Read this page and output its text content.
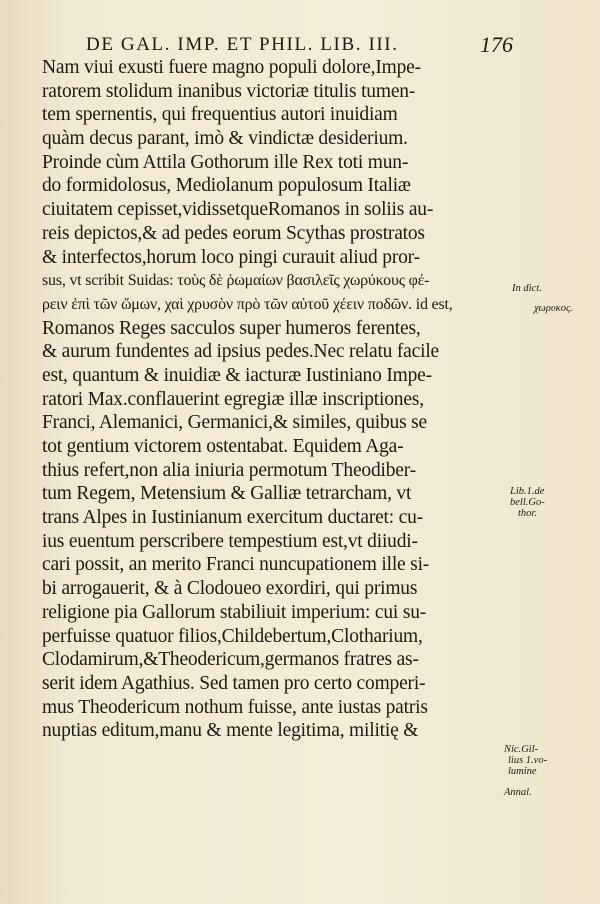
DE GAL. IMP. ET PHIL. LIB. III.	176
Nam viui exusti fuere magno populi dolore,Impe-
ratorem stolidum inanibus victoriæ titulis tumen-
tem spernentis, qui frequentius autori inuidiam
quàm decus parant, imò & vindictæ desiderium.
Proinde cùm Attila Gothorum ille Rex toti mun-
do formidolosus, Mediolanum populosum Italiæ
ciuitatem cepisset,vidissetqueRomanos in soliis au-
reis depictos,& ad pedes eorum Scythas prostratos
& interfectos,horum loco pingi curauit aliud pror-
sus, vt scribit Suidas: τοὺς δὲ ῥωμαίων βασιλεῖς χωρύκους φέ-
ρειν ἐπὶ τῶν ὤμων, χαὶ χρυσὸν πρὸ τῶν αὐτοῦ χέειν ποδῶν. id est,
Romanos Reges sacculos super humeros ferentes,
& aurum fundentes ad ipsius pedes.Nec relatu facile
est, quantum & inuidiæ & iacturæ Iustiniano Impe-
ratori Max.conflauerint egregiæ illæ inscriptiones,
Franci, Alemanici, Germanici,& similes, quibus se
tot gentium victorem ostentabat. Equidem Aga-
thius refert,non alia iniuria permotum Theodiber-
tum Regem, Metensium & Galliæ tetrarcham, vt
trans Alpes in Iustinianum exercitum ductaret: cu-
ius euentum perscribere tempestium est,vt diiudi-
cari possit, an merito Franci nuncupationem ille si-
bi arrogauerit, & à Clodoueo exordiri, qui primus
religione pia Gallorum stabiliuit imperium: cui su-
perfuisse quatuor filios,Childebertum,Clotharium,
Clodamirum,&Theodericum,germanos fratres as-
serit idem Agathius. Sed tamen pro certo comperi-
mus Theodericum nothum fuisse, ante iustas patris
nuptias editum,manu & mente legitima, militię &
In dict.
χωρυκος.
Lib.1.de
bell.Go-
thor.
Nic.Gil-
lius 1.vo-
lumine
Annal.
